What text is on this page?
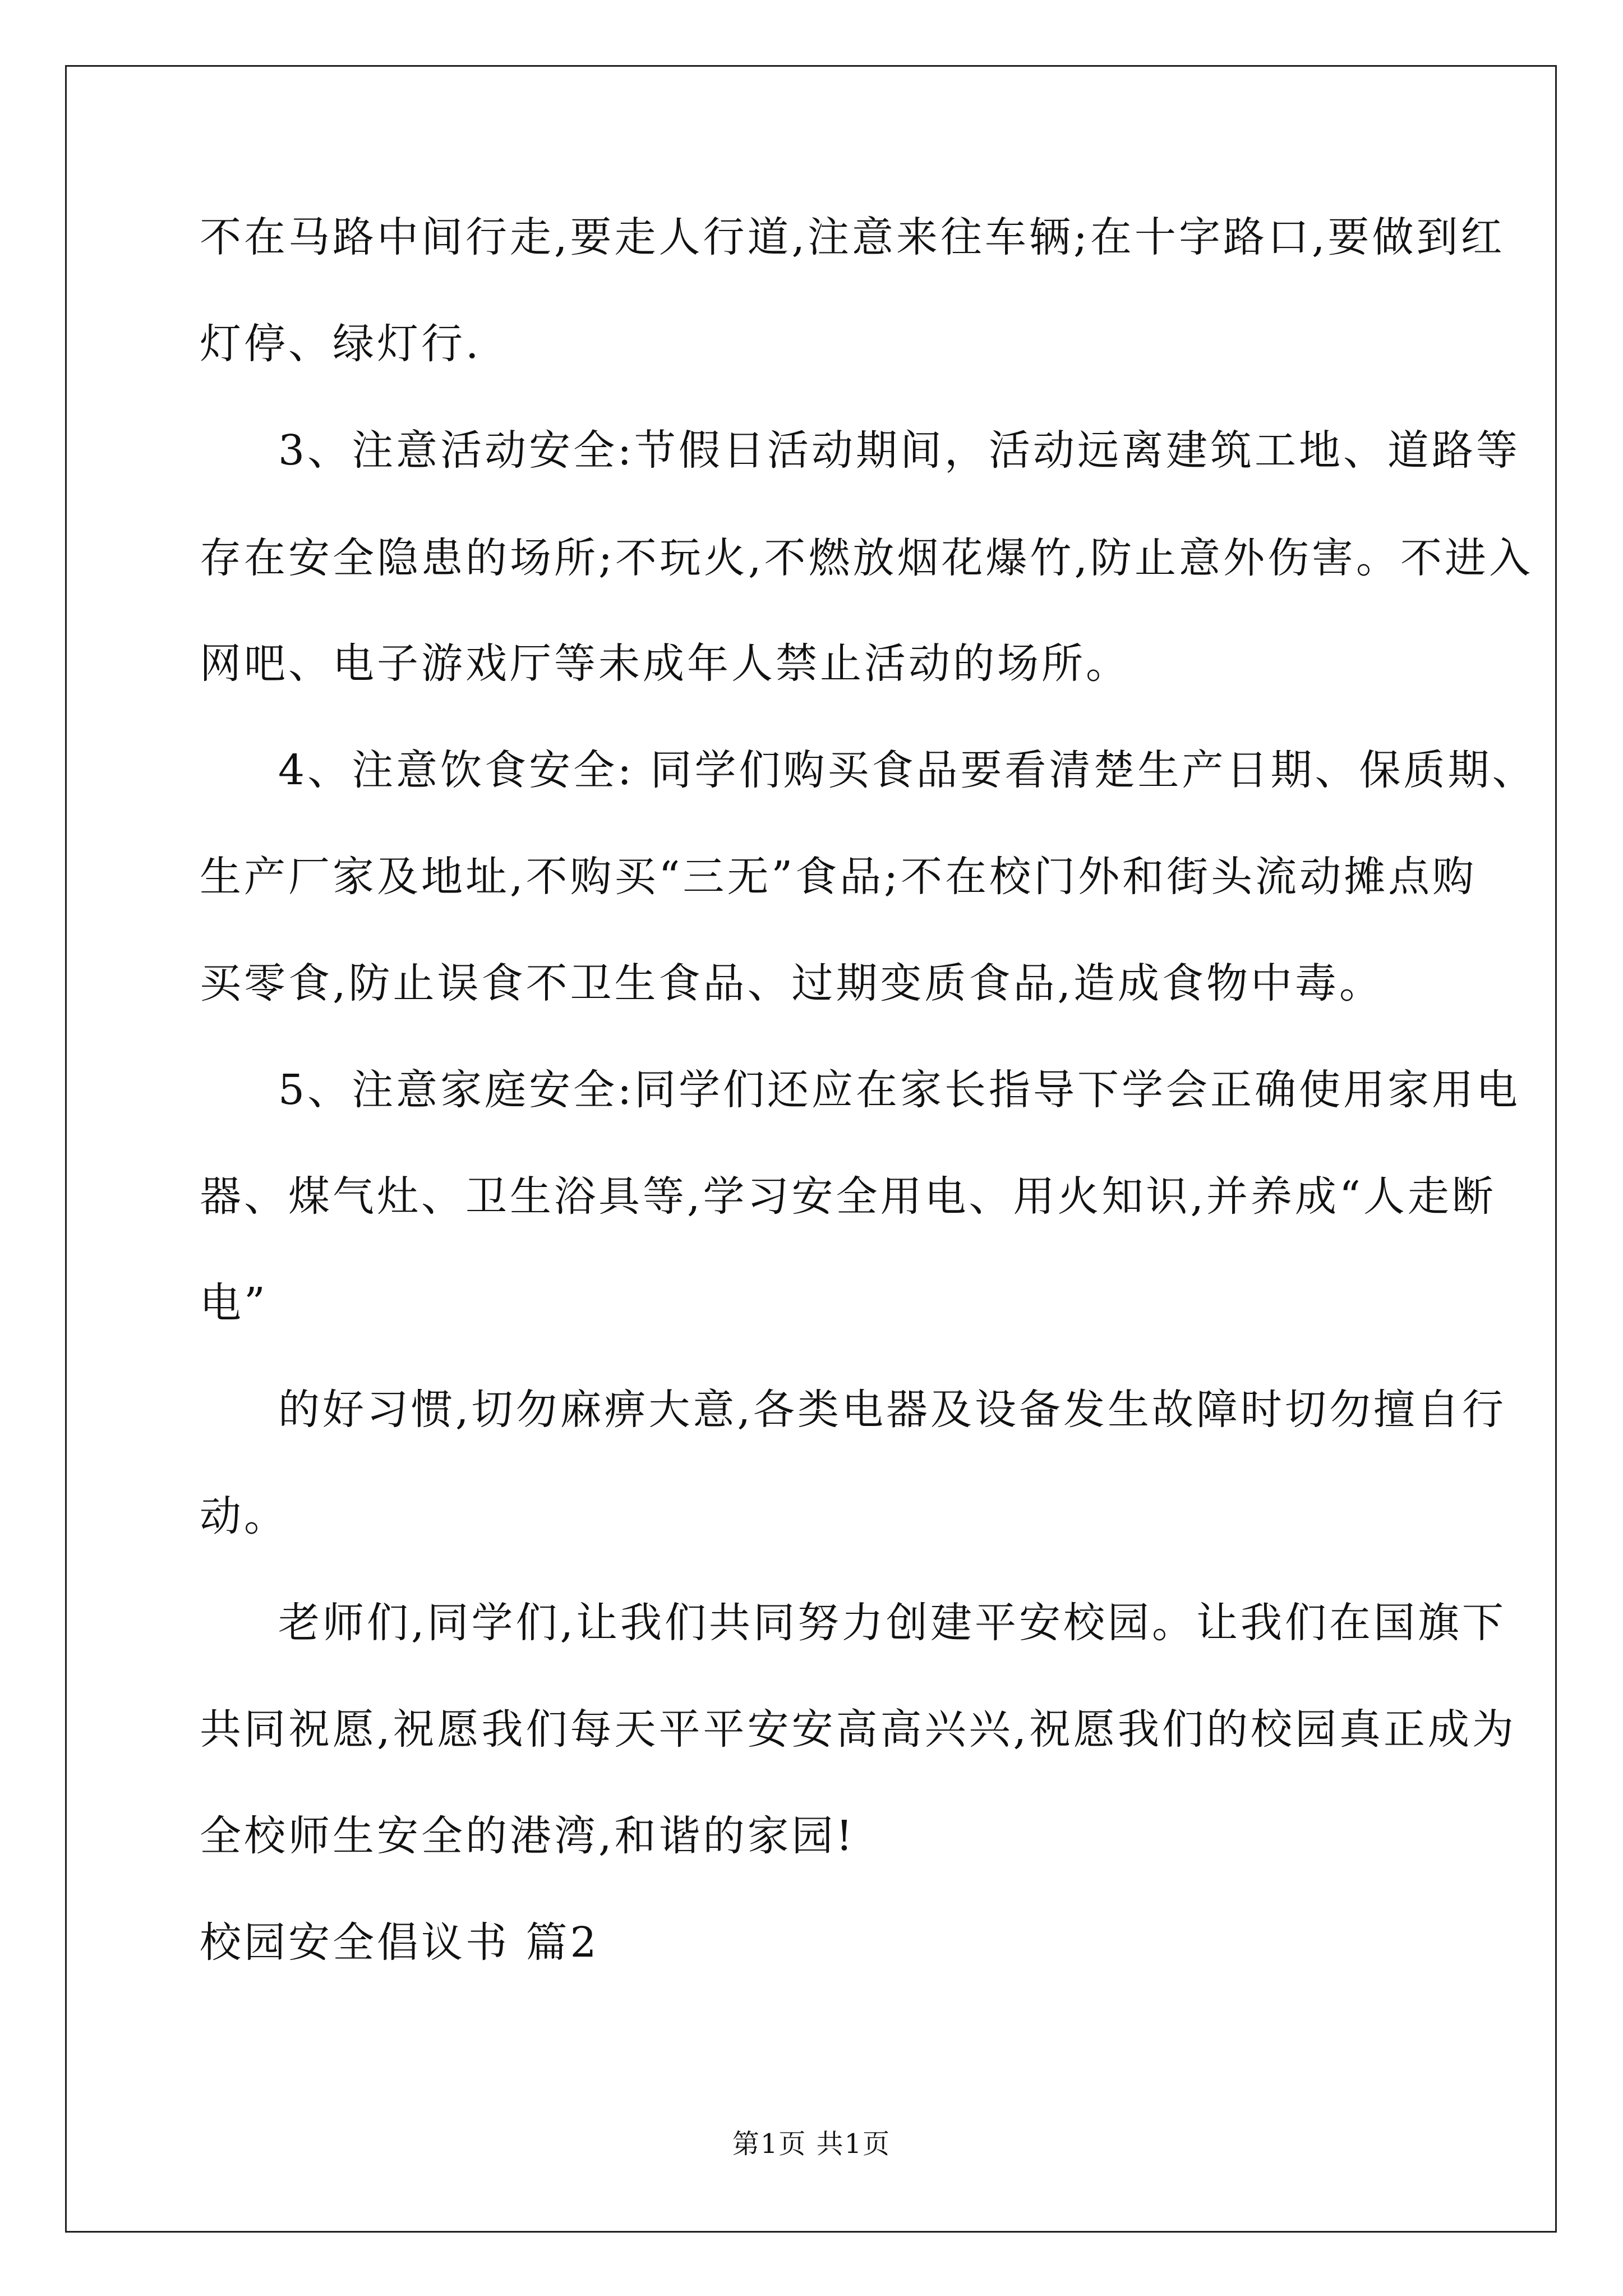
不在马路中间行走,要走人行道,注意来往车辆;在十字路口,要做到红
灯停、绿灯行.
3、注意活动安全:节假日活动期间，活动远离建筑工地、道路等
存在安全隐患的场所;不玩火,不燃放烟花爆竹,防止意外伤害。不进入
网吧、电子游戏厅等未成年人禁止活动的场所。
4、注意饮食安全: 同学们购买食品要看清楚生产日期、保质期、
生产厂家及地址,不购买“三无”食品;不在校门外和街头流动摊点购
买零食,防止误食不卫生食品、过期变质食品,造成食物中毒。
5、注意家庭安全:同学们还应在家长指导下学会正确使用家用电
器、煤气灶、卫生浴具等,学习安全用电、用火知识,并养成“人走断
电”
的好习惯,切勿麻痹大意,各类电器及设备发生故障时切勿擅自行
动。
老师们,同学们,让我们共同努力创建平安校园。让我们在国旗下
共同祝愿,祝愿我们每天平平安安高高兴兴,祝愿我们的校园真正成为
全校师生安全的港湾,和谐的家园!
校园安全倡议书 篇2
第1页 共1页
